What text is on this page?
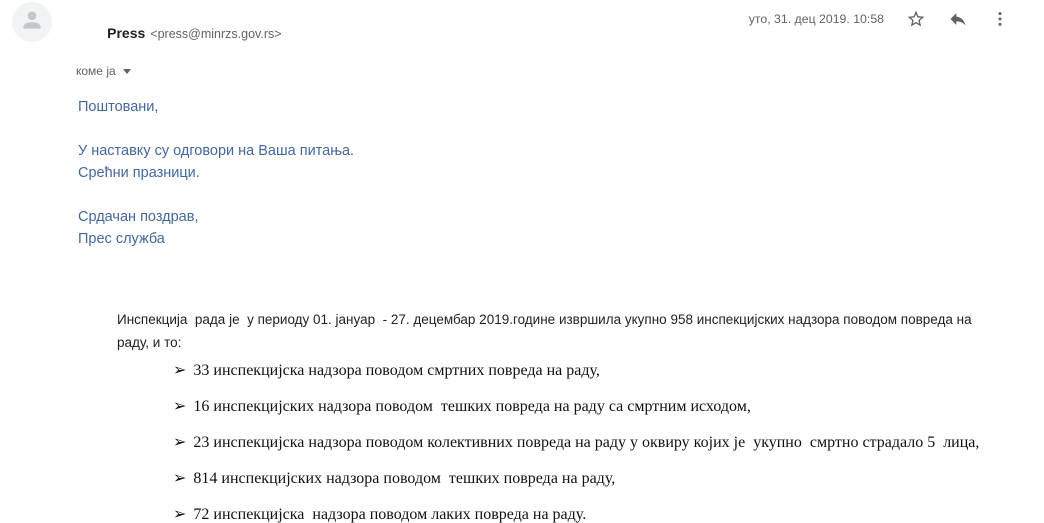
Press <press@minrzs.gov.rs>

коме ja
уто, 31. дец 2019. 10:58
Поштовани,
У наставку су одговори на Ваша питања.
Срећни празници.
Срдачан поздрав,
Прес служба
Инспекција  рада је  у периоду 01. јануар  - 27. децембар 2019.године извршила укупно 958 инспекцијских надзора поводом повреда на раду, и то:
➢ 33 инспекцијска надзора поводом смртних повреда на раду,
➢ 16 инспекцијских надзора поводом  тешких повреда на раду са смртним исходом,
➢ 23 инспекцијска надзора поводом колективних повреда на раду у оквиру којих је  укупно  смртно страдало 5  лица,
➢ 814 инспекцијских надзора поводом  тешких повреда на раду,
➢ 72 инспекцијска  надзора поводом лаких повреда на раду.
